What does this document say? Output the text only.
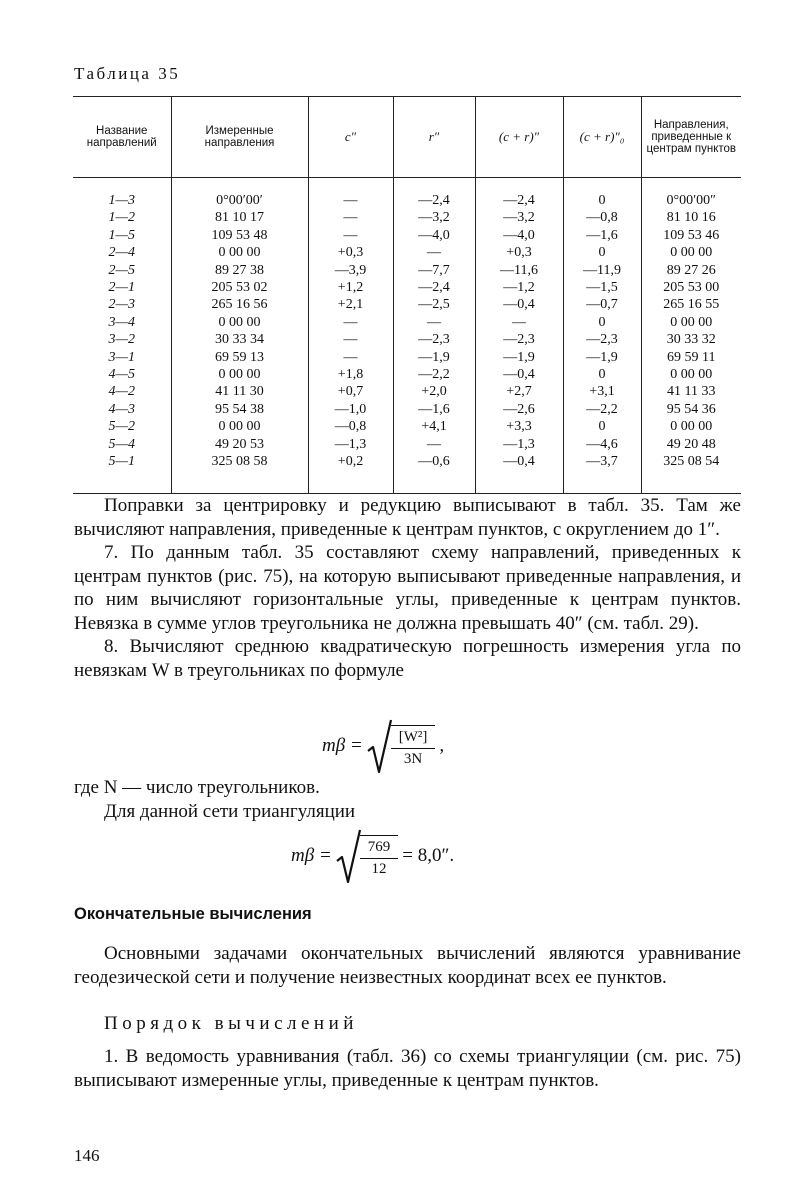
Таблица 35
Название направлений	Измеренные направления	c″	r″	(c + r)″	(c + r)″₀	Направления, приведенные к центрам пунктов
1—3	0°00′00′	—	—2,4	—2,4	0	0°00′00″
1—2	81 10 17	—	—3,2	—3,2	—0,8	81 10 16
1—5	109 53 48	—	—4,0	—4,0	—1,6	109 53 46
2—4	0 00 00	+0,3	—	+0,3	0	0 00 00
2—5	89 27 38	—3,9	—7,7	—11,6	—11,9	89 27 26
2—1	205 53 02	+1,2	—2,4	—1,2	—1,5	205 53 00
2—3	265 16 56	+2,1	—2,5	—0,4	—0,7	265 16 55
3—4	0 00 00	—	—	—	0	0 00 00
3—2	30 33 34	—	—2,3	—2,3	—2,3	30 33 32
3—1	69 59 13	—	—1,9	—1,9	—1,9	69 59 11
4—5	0 00 00	+1,8	—2,2	—0,4	0	0 00 00
4—2	41 11 30	+0,7	+2,0	+2,7	+3,1	41 11 33
4—3	95 54 38	—1,0	—1,6	—2,6	—2,2	95 54 36
5—2	0 00 00	—0,8	+4,1	+3,3	0	0 00 00
5—4	49 20 53	—1,3	—	—1,3	—4,6	49 20 48
5—1	325 08 58	+0,2	—0,6	—0,4	—3,7	325 08 54

Поправки за центрировку и редукцию выписывают в табл. 35. Там же вычисляют направления, приведенные к центрам пунктов, с округлением до 1″.

7. По данным табл. 35 составляют схему направлений, приведенных к центрам пунктов (рис. 75), на которую выписывают приведенные направления, и по ним вычисляют горизонтальные углы, приведенные к центрам пунктов. Невязка в сумме углов треугольника не должна превышать 40″ (см. табл. 29).

8. Вычисляют среднюю квадратическую погрешность измерения угла по невязкам W в треугольниках по формуле

$m\beta = \frac{\text{[W²]}}{3N}$ ,

где N — число треугольников.

Для данной сети триангуляции

$m\beta = \frac{769}{12} = 8,0''$.
Окончательные вычисления

Основными задачами окончательных вычислений являются уравнивание геодезической сети и получение неизвестных координат всех ее пунктов.

Порядок вычислений

1. В ведомость уравнивания (табл. 36) со схемы триангуляции (см. рис. 75) выписывают измеренные углы, приведенные к центрам пунктов.

146
